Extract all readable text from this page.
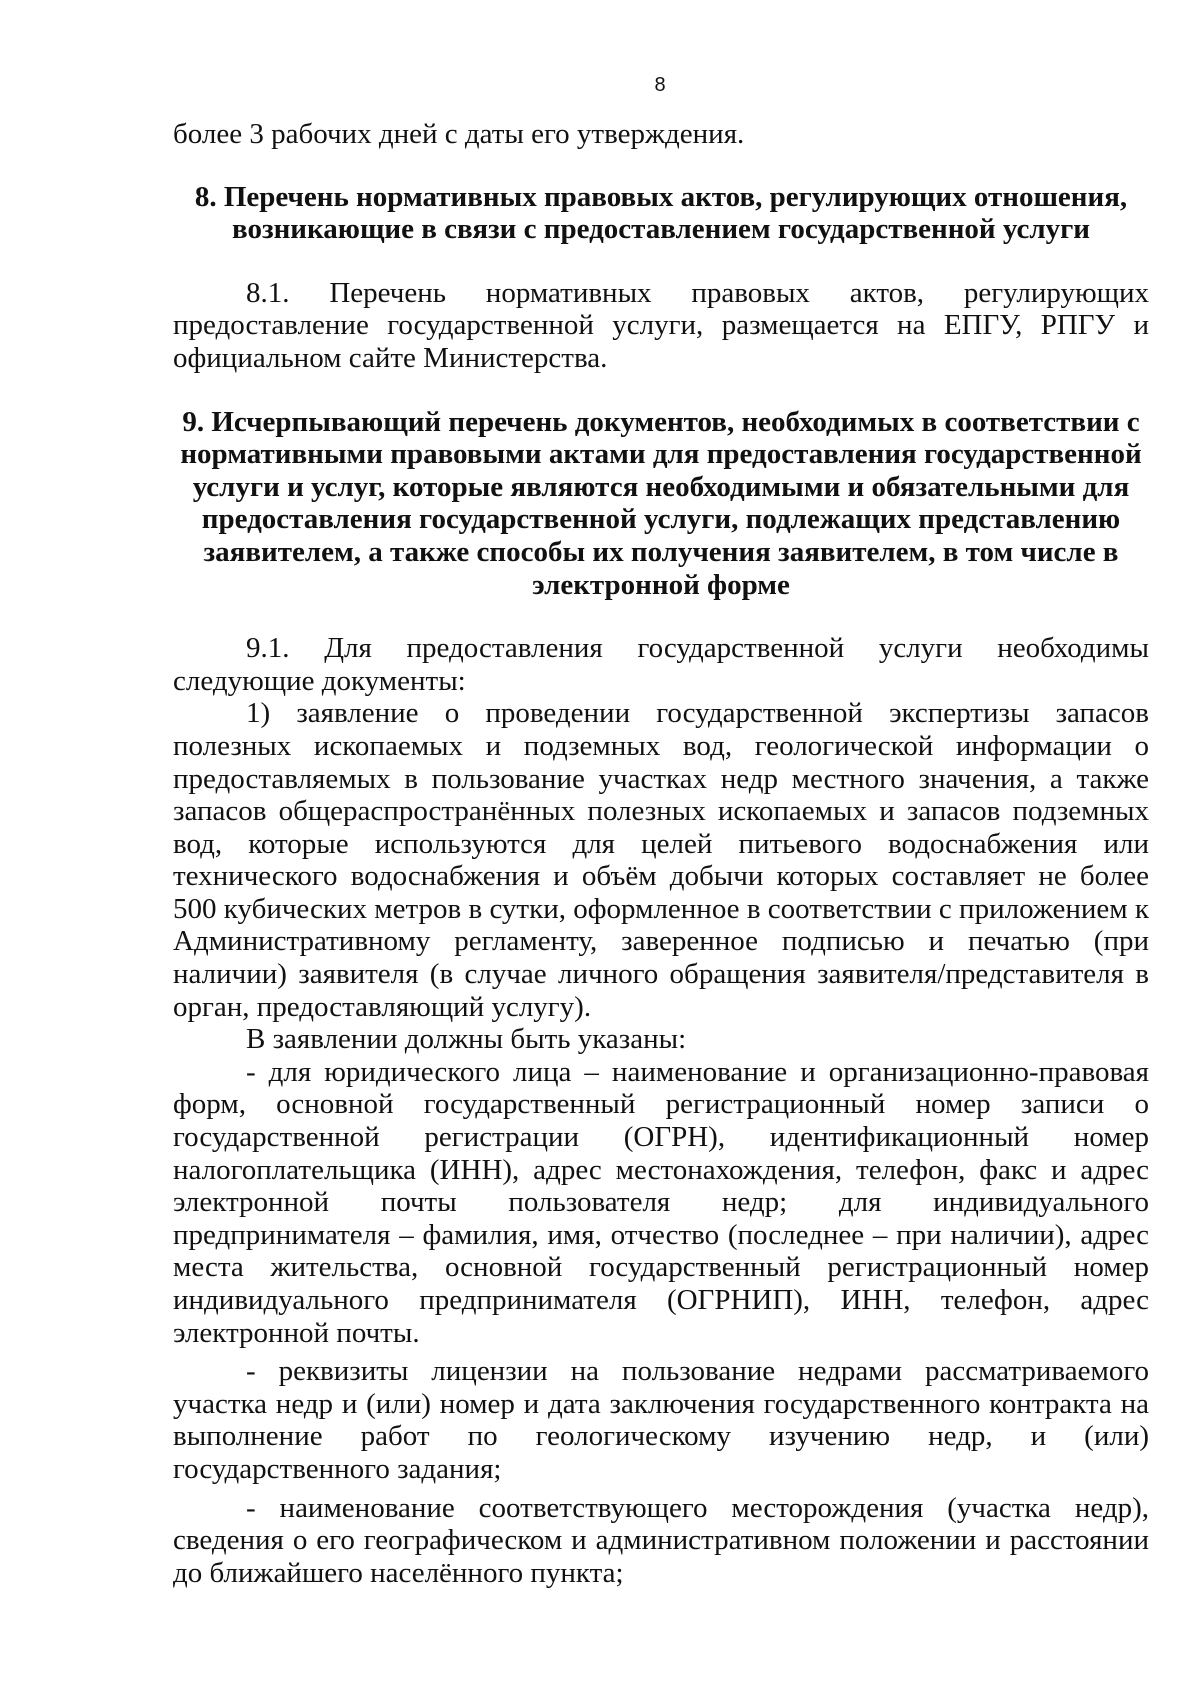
8

более 3 рабочих дней с даты его утверждения.

8. Перечень нормативных правовых актов, регулирующих отношения, возникающие в связи с предоставлением государственной услуги

8.1. Перечень нормативных правовых актов, регулирующих предоставление государственной услуги, размещается на ЕПГУ, РПГУ и официальном сайте Министерства.

9. Исчерпывающий перечень документов, необходимых в соответствии с нормативными правовыми актами для предоставления государственной услуги и услуг, которые являются необходимыми и обязательными для предоставления государственной услуги, подлежащих представлению заявителем, а также способы их получения заявителем, в том числе в электронной форме

9.1. Для предоставления государственной услуги необходимы следующие документы:

1) заявление о проведении государственной экспертизы запасов полезных ископаемых и подземных вод, геологической информации о предоставляемых в пользование участках недр местного значения, а также запасов общераспространённых полезных ископаемых и запасов подземных вод, которые используются для целей питьевого водоснабжения или технического водоснабжения и объём добычи которых составляет не более 500 кубических метров в сутки, оформленное в соответствии с приложением к Административному регламенту, заверенное подписью и печатью (при наличии) заявителя (в случае личного обращения заявителя/представителя в орган, предоставляющий услугу).

В заявлении должны быть указаны:

- для юридического лица – наименование и организационно-правовая форм, основной государственный регистрационный номер записи о государственной регистрации (ОГРН), идентификационный номер налогоплательщика (ИНН), адрес местонахождения, телефон, факс и адрес электронной почты пользователя недр; для индивидуального предпринимателя – фамилия, имя, отчество (последнее – при наличии), адрес места жительства, основной государственный регистрационный номер индивидуального предпринимателя (ОГРНИП), ИНН, телефон, адрес электронной почты.

- реквизиты лицензии на пользование недрами рассматриваемого участка недр и (или) номер и дата заключения государственного контракта на выполнение работ по геологическому изучению недр, и (или) государственного задания;

- наименование соответствующего месторождения (участка недр), сведения о его географическом и административном положении и расстоянии до ближайшего населённого пункта;
